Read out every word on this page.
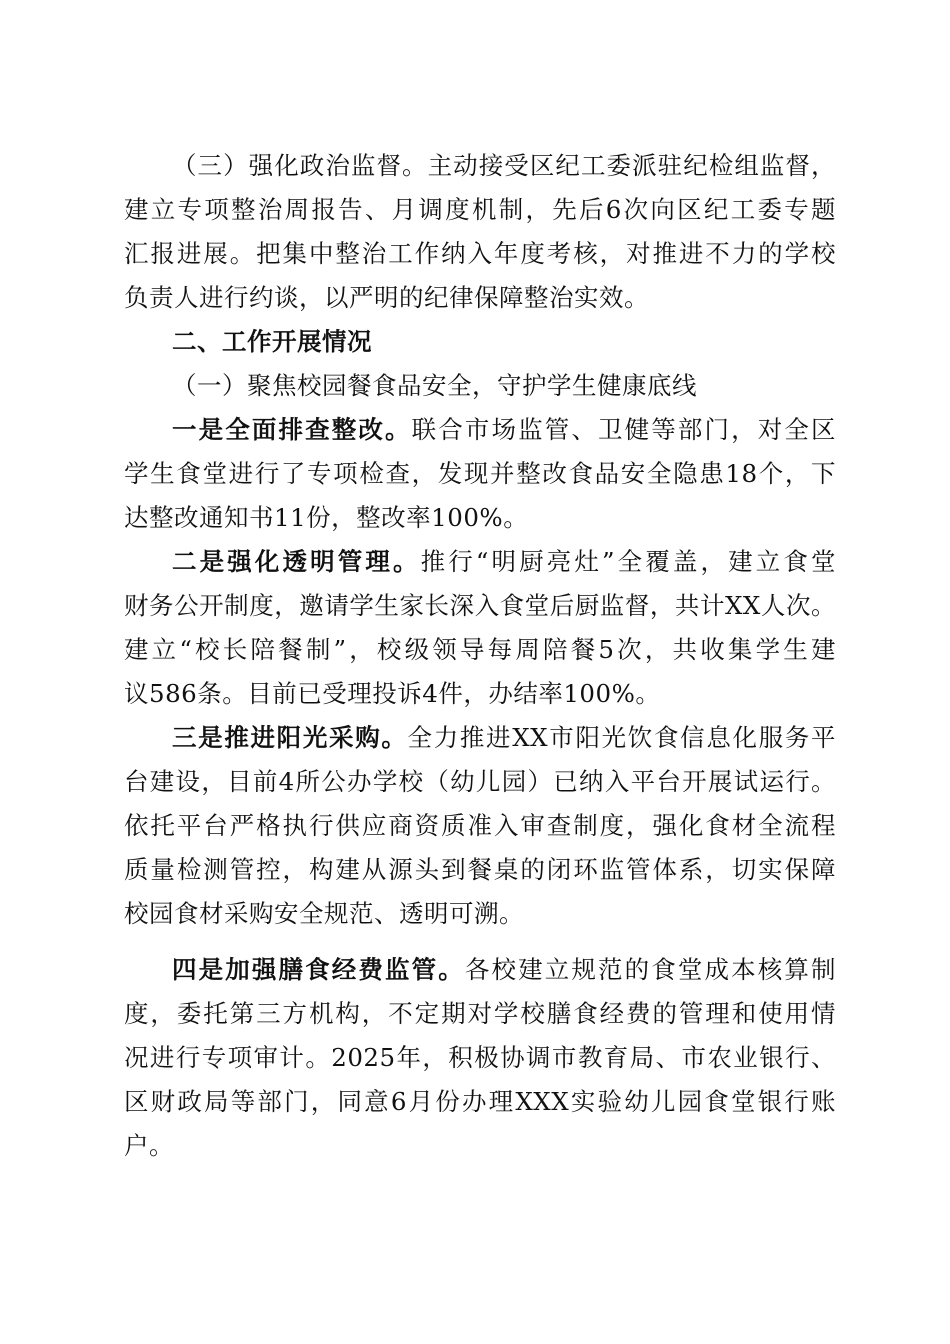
（三）强化政治监督。主动接受区纪工委派驻纪检组监督，
建立专项整治周报告、月调度机制，先后6次向区纪工委专题
汇报进展。把集中整治工作纳入年度考核，对推进不力的学校
负责人进行约谈，以严明的纪律保障整治实效。
二、工作开展情况
（一）聚焦校园餐食品安全，守护学生健康底线
一是全面排查整改。联合市场监管、卫健等部门，对全区
学生食堂进行了专项检查，发现并整改食品安全隐患18个，下
达整改通知书11份，整改率100%。
二是强化透明管理。推行“明厨亮灶”全覆盖，建立食堂
财务公开制度，邀请学生家长深入食堂后厨监督，共计XX人次。
建立“校长陪餐制”，校级领导每周陪餐5次，共收集学生建
议586条。目前已受理投诉4件，办结率100%。
三是推进阳光采购。全力推进XX市阳光饮食信息化服务平
台建设，目前4所公办学校（幼儿园）已纳入平台开展试运行。
依托平台严格执行供应商资质准入审查制度，强化食材全流程
质量检测管控，构建从源头到餐桌的闭环监管体系，切实保障
校园食材采购安全规范、透明可溯。
四是加强膳食经费监管。各校建立规范的食堂成本核算制
度，委托第三方机构，不定期对学校膳食经费的管理和使用情
况进行专项审计。2025年，积极协调市教育局、市农业银行、
区财政局等部门，同意6月份办理XXX实验幼儿园食堂银行账
户。
